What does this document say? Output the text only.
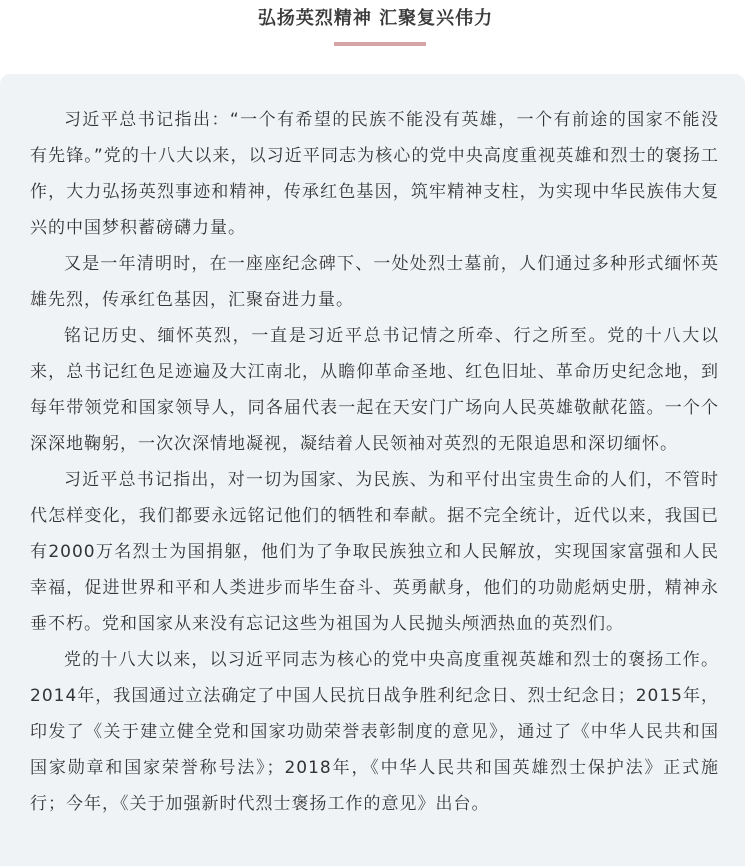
弘扬英烈精神 汇聚复兴伟力

习近平总书记指出：“一个有希望的民族不能没有英雄，一个有前途的国家不能没有先锋。”党的十八大以来，以习近平同志为核心的党中央高度重视英雄和烈士的褒扬工作，大力弘扬英烈事迹和精神，传承红色基因，筑牢精神支柱，为实现中华民族伟大复兴的中国梦积蓄磅礴力量。

又是一年清明时，在一座座纪念碑下、一处处烈士墓前，人们通过多种形式缅怀英雄先烈，传承红色基因，汇聚奋进力量。

铭记历史、缅怀英烈，一直是习近平总书记情之所牵、行之所至。党的十八大以来，总书记红色足迹遍及大江南北，从瞻仰革命圣地、红色旧址、革命历史纪念地，到每年带领党和国家领导人，同各届代表一起在天安门广场向人民英雄敬献花篮。一个个深深地鞠躬，一次次深情地凝视，凝结着人民领袖对英烈的无限追思和深切缅怀。

习近平总书记指出，对一切为国家、为民族、为和平付出宝贵生命的人们，不管时代怎样变化，我们都要永远铭记他们的牺牲和奉献。据不完全统计，近代以来，我国已有2000万名烈士为国捐躯，他们为了争取民族独立和人民解放，实现国家富强和人民幸福，促进世界和平和人类进步而毕生奋斗、英勇献身，他们的功勋彪炳史册，精神永垂不朽。党和国家从来没有忘记这些为祖国为人民抛头颅洒热血的英烈们。

党的十八大以来，以习近平同志为核心的党中央高度重视英雄和烈士的褒扬工作。2014年，我国通过立法确定了中国人民抗日战争胜利纪念日、烈士纪念日；2015年，印发了《关于建立健全党和国家功勋荣誉表彰制度的意见》，通过了《中华人民共和国国家勋章和国家荣誉称号法》；2018年，《中华人民共和国英雄烈士保护法》正式施行；今年，《关于加强新时代烈士褒扬工作的意见》出台。
